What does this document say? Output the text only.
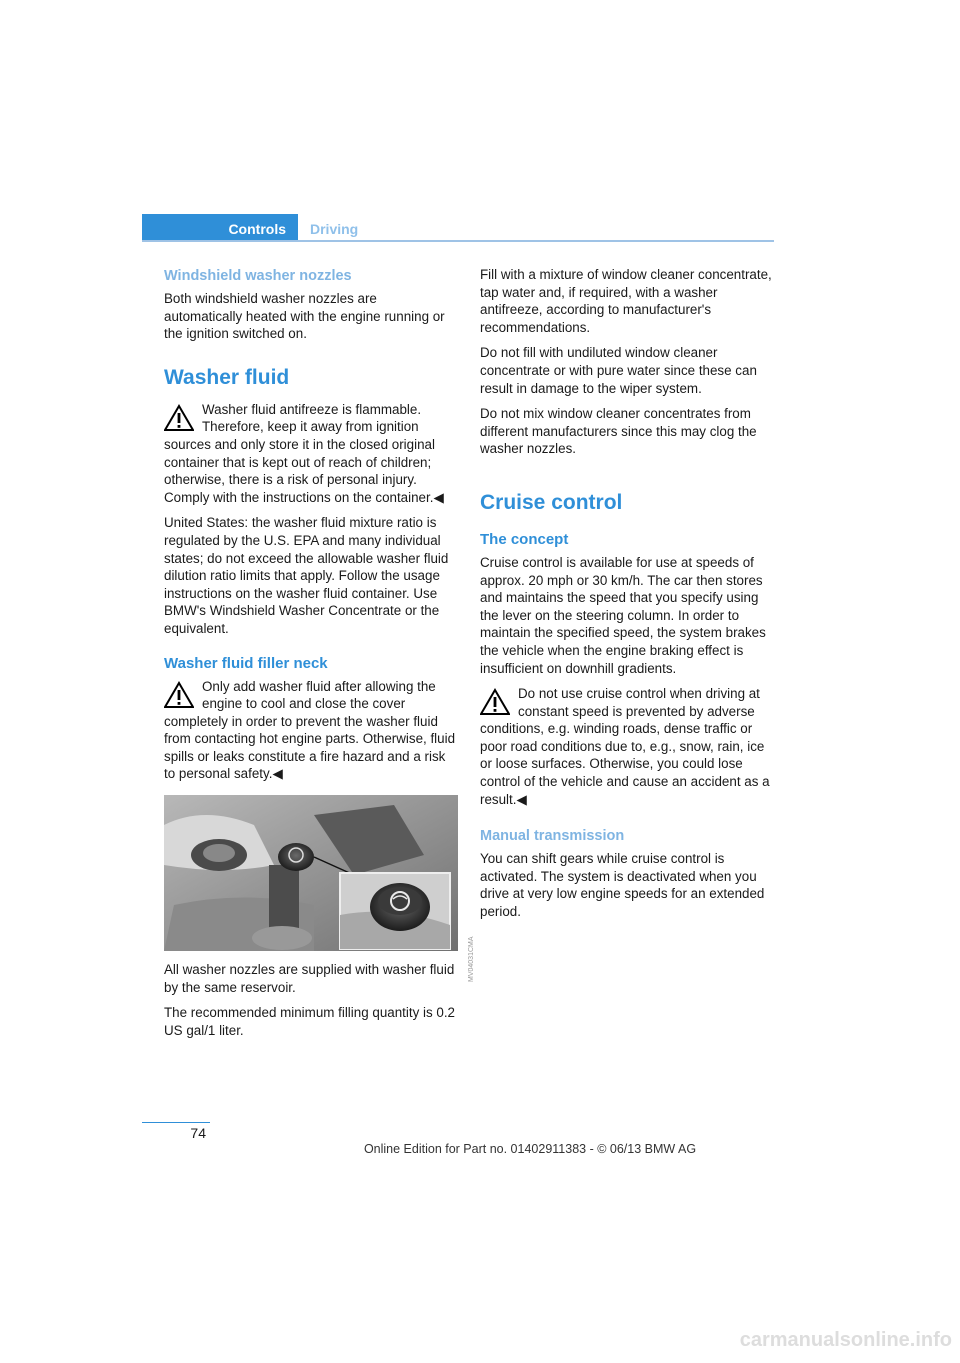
Controls	Driving
Windshield washer nozzles

Both windshield washer nozzles are automatically heated with the engine running or the ignition switched on.

Washer fluid

Washer fluid antifreeze is flammable. Therefore, keep it away from ignition sources and only store it in the closed original container that is kept out of reach of children; otherwise, there is a risk of personal injury. Comply with the instructions on the container.◀

United States: the washer fluid mixture ratio is regulated by the U.S. EPA and many individual states; do not exceed the allowable washer fluid dilution ratio limits that apply. Follow the usage instructions on the washer fluid container. Use BMW's Windshield Washer Concentrate or the equivalent.

Washer fluid filler neck

Only add washer fluid after allowing the engine to cool and close the cover completely in order to prevent the washer fluid from contacting hot engine parts. Otherwise, fluid spills or leaks constitute a fire hazard and a risk to personal safety.◀

MV04031CMA

All washer nozzles are supplied with washer fluid by the same reservoir.

The recommended minimum filling quantity is 0.2 US gal/1 liter.

Fill with a mixture of window cleaner concentrate, tap water and, if required, with a washer antifreeze, according to manufacturer's recommendations.

Do not fill with undiluted window cleaner concentrate or with pure water since these can result in damage to the wiper system.

Do not mix window cleaner concentrates from different manufacturers since this may clog the washer nozzles.

Cruise control
The concept

Cruise control is available for use at speeds of approx. 20 mph or 30 km/h. The car then stores and maintains the speed that you specify using the lever on the steering column. In order to maintain the specified speed, the system brakes the vehicle when the engine braking effect is insufficient on downhill gradients.

Do not use cruise control when driving at constant speed is prevented by adverse conditions, e.g. winding roads, dense traffic or poor road conditions due to, e.g., snow, rain, ice or loose surfaces. Otherwise, you could lose control of the vehicle and cause an accident as a result.◀

Manual transmission

You can shift gears while cruise control is activated. The system is deactivated when you drive at very low engine speeds for an extended period.

74
Online Edition for Part no. 01402911383 - © 06/13 BMW AG
carmanualsonline.info
